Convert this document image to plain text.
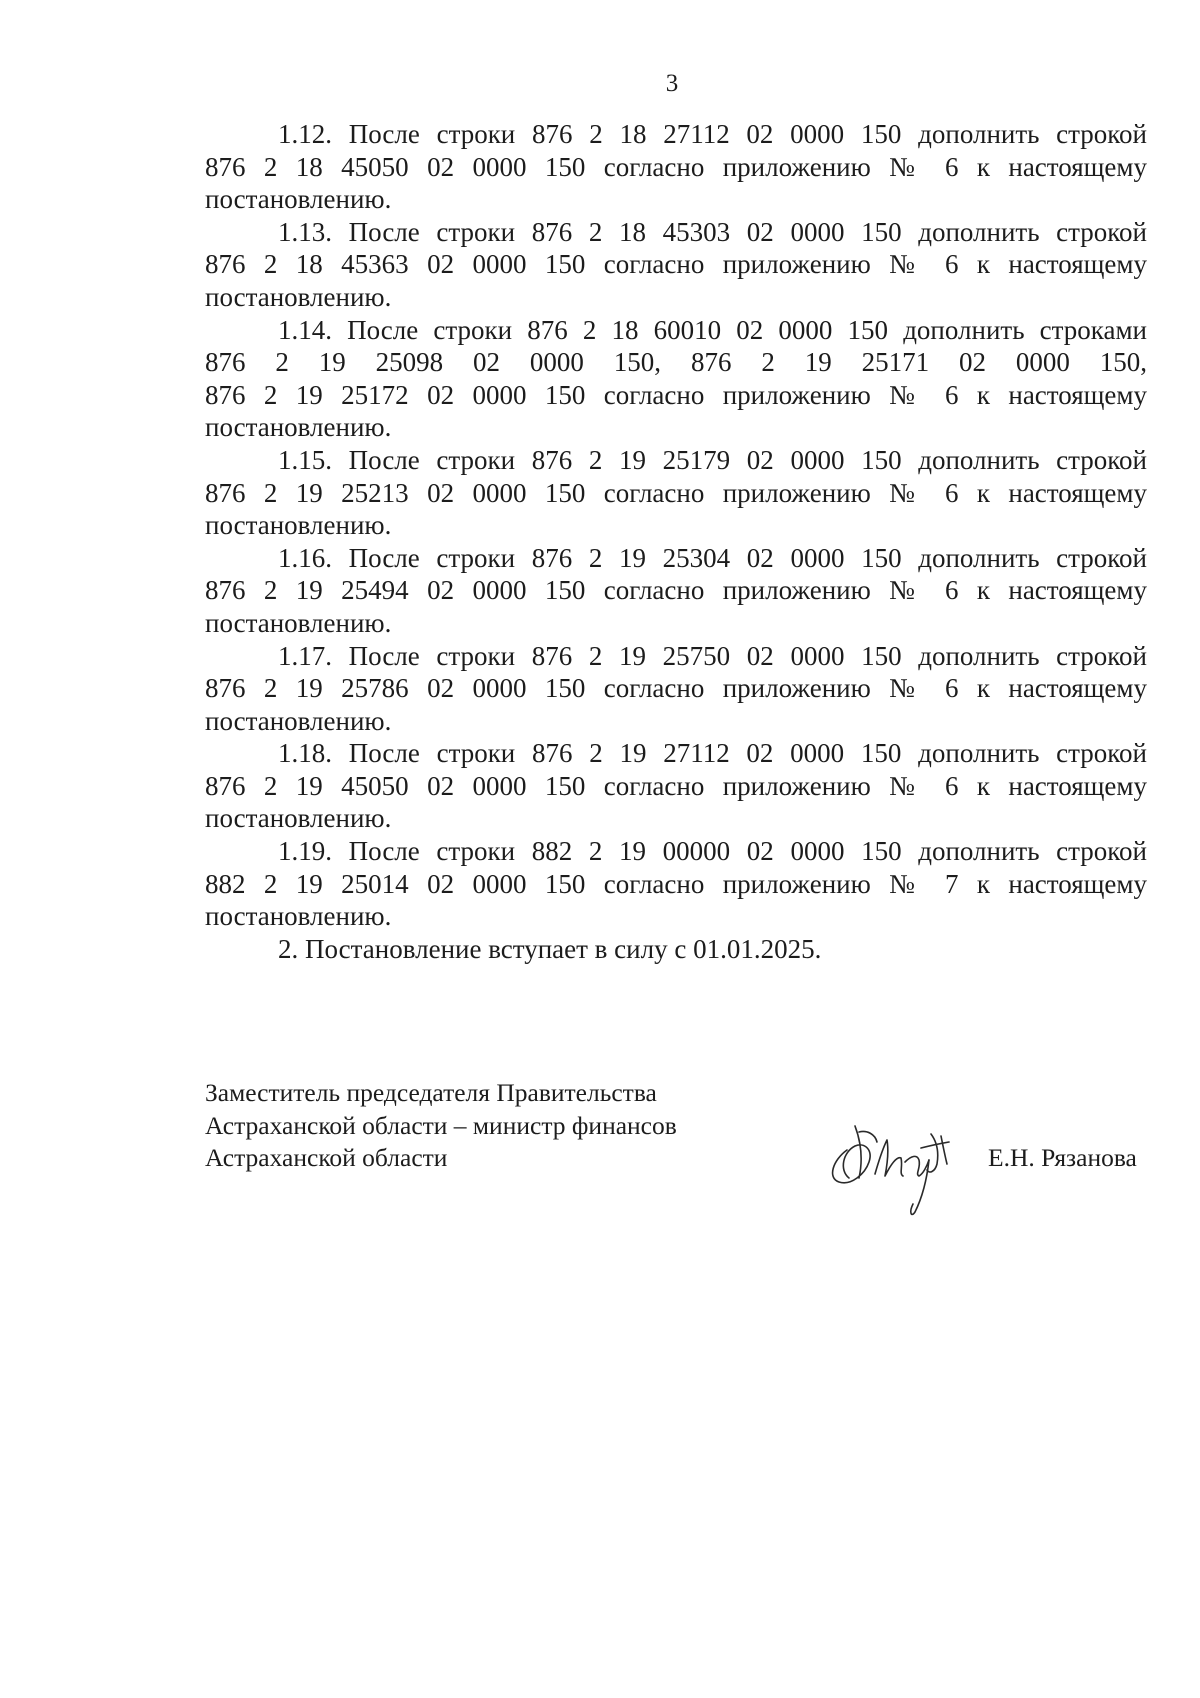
3
1.12. После строки 876 2 18 27112 02 0000 150 дополнить строкой
876 2 18 45050 02 0000 150 согласно приложению № 6 к настоящему
постановлению.
1.13. После строки 876 2 18 45303 02 0000 150 дополнить строкой
876 2 18 45363 02 0000 150 согласно приложению № 6 к настоящему
постановлению.
1.14. После строки 876 2 18 60010 02 0000 150 дополнить строками
876 2 19 25098 02 0000 150, 876 2 19 25171 02 0000 150,
876 2 19 25172 02 0000 150 согласно приложению № 6 к настоящему
постановлению.
1.15. После строки 876 2 19 25179 02 0000 150 дополнить строкой
876 2 19 25213 02 0000 150 согласно приложению № 6 к настоящему
постановлению.
1.16. После строки 876 2 19 25304 02 0000 150 дополнить строкой
876 2 19 25494 02 0000 150 согласно приложению № 6 к настоящему
постановлению.
1.17. После строки 876 2 19 25750 02 0000 150 дополнить строкой
876 2 19 25786 02 0000 150 согласно приложению № 6 к настоящему
постановлению.
1.18. После строки 876 2 19 27112 02 0000 150 дополнить строкой
876 2 19 45050 02 0000 150 согласно приложению № 6 к настоящему
постановлению.
1.19. После строки 882 2 19 00000 02 0000 150 дополнить строкой
882 2 19 25014 02 0000 150 согласно приложению № 7 к настоящему
постановлению.
2. Постановление вступает в силу с 01.01.2025.
Заместитель председателя Правительства
Астраханской области – министр финансов
Астраханской области	Е.Н. Рязанова
